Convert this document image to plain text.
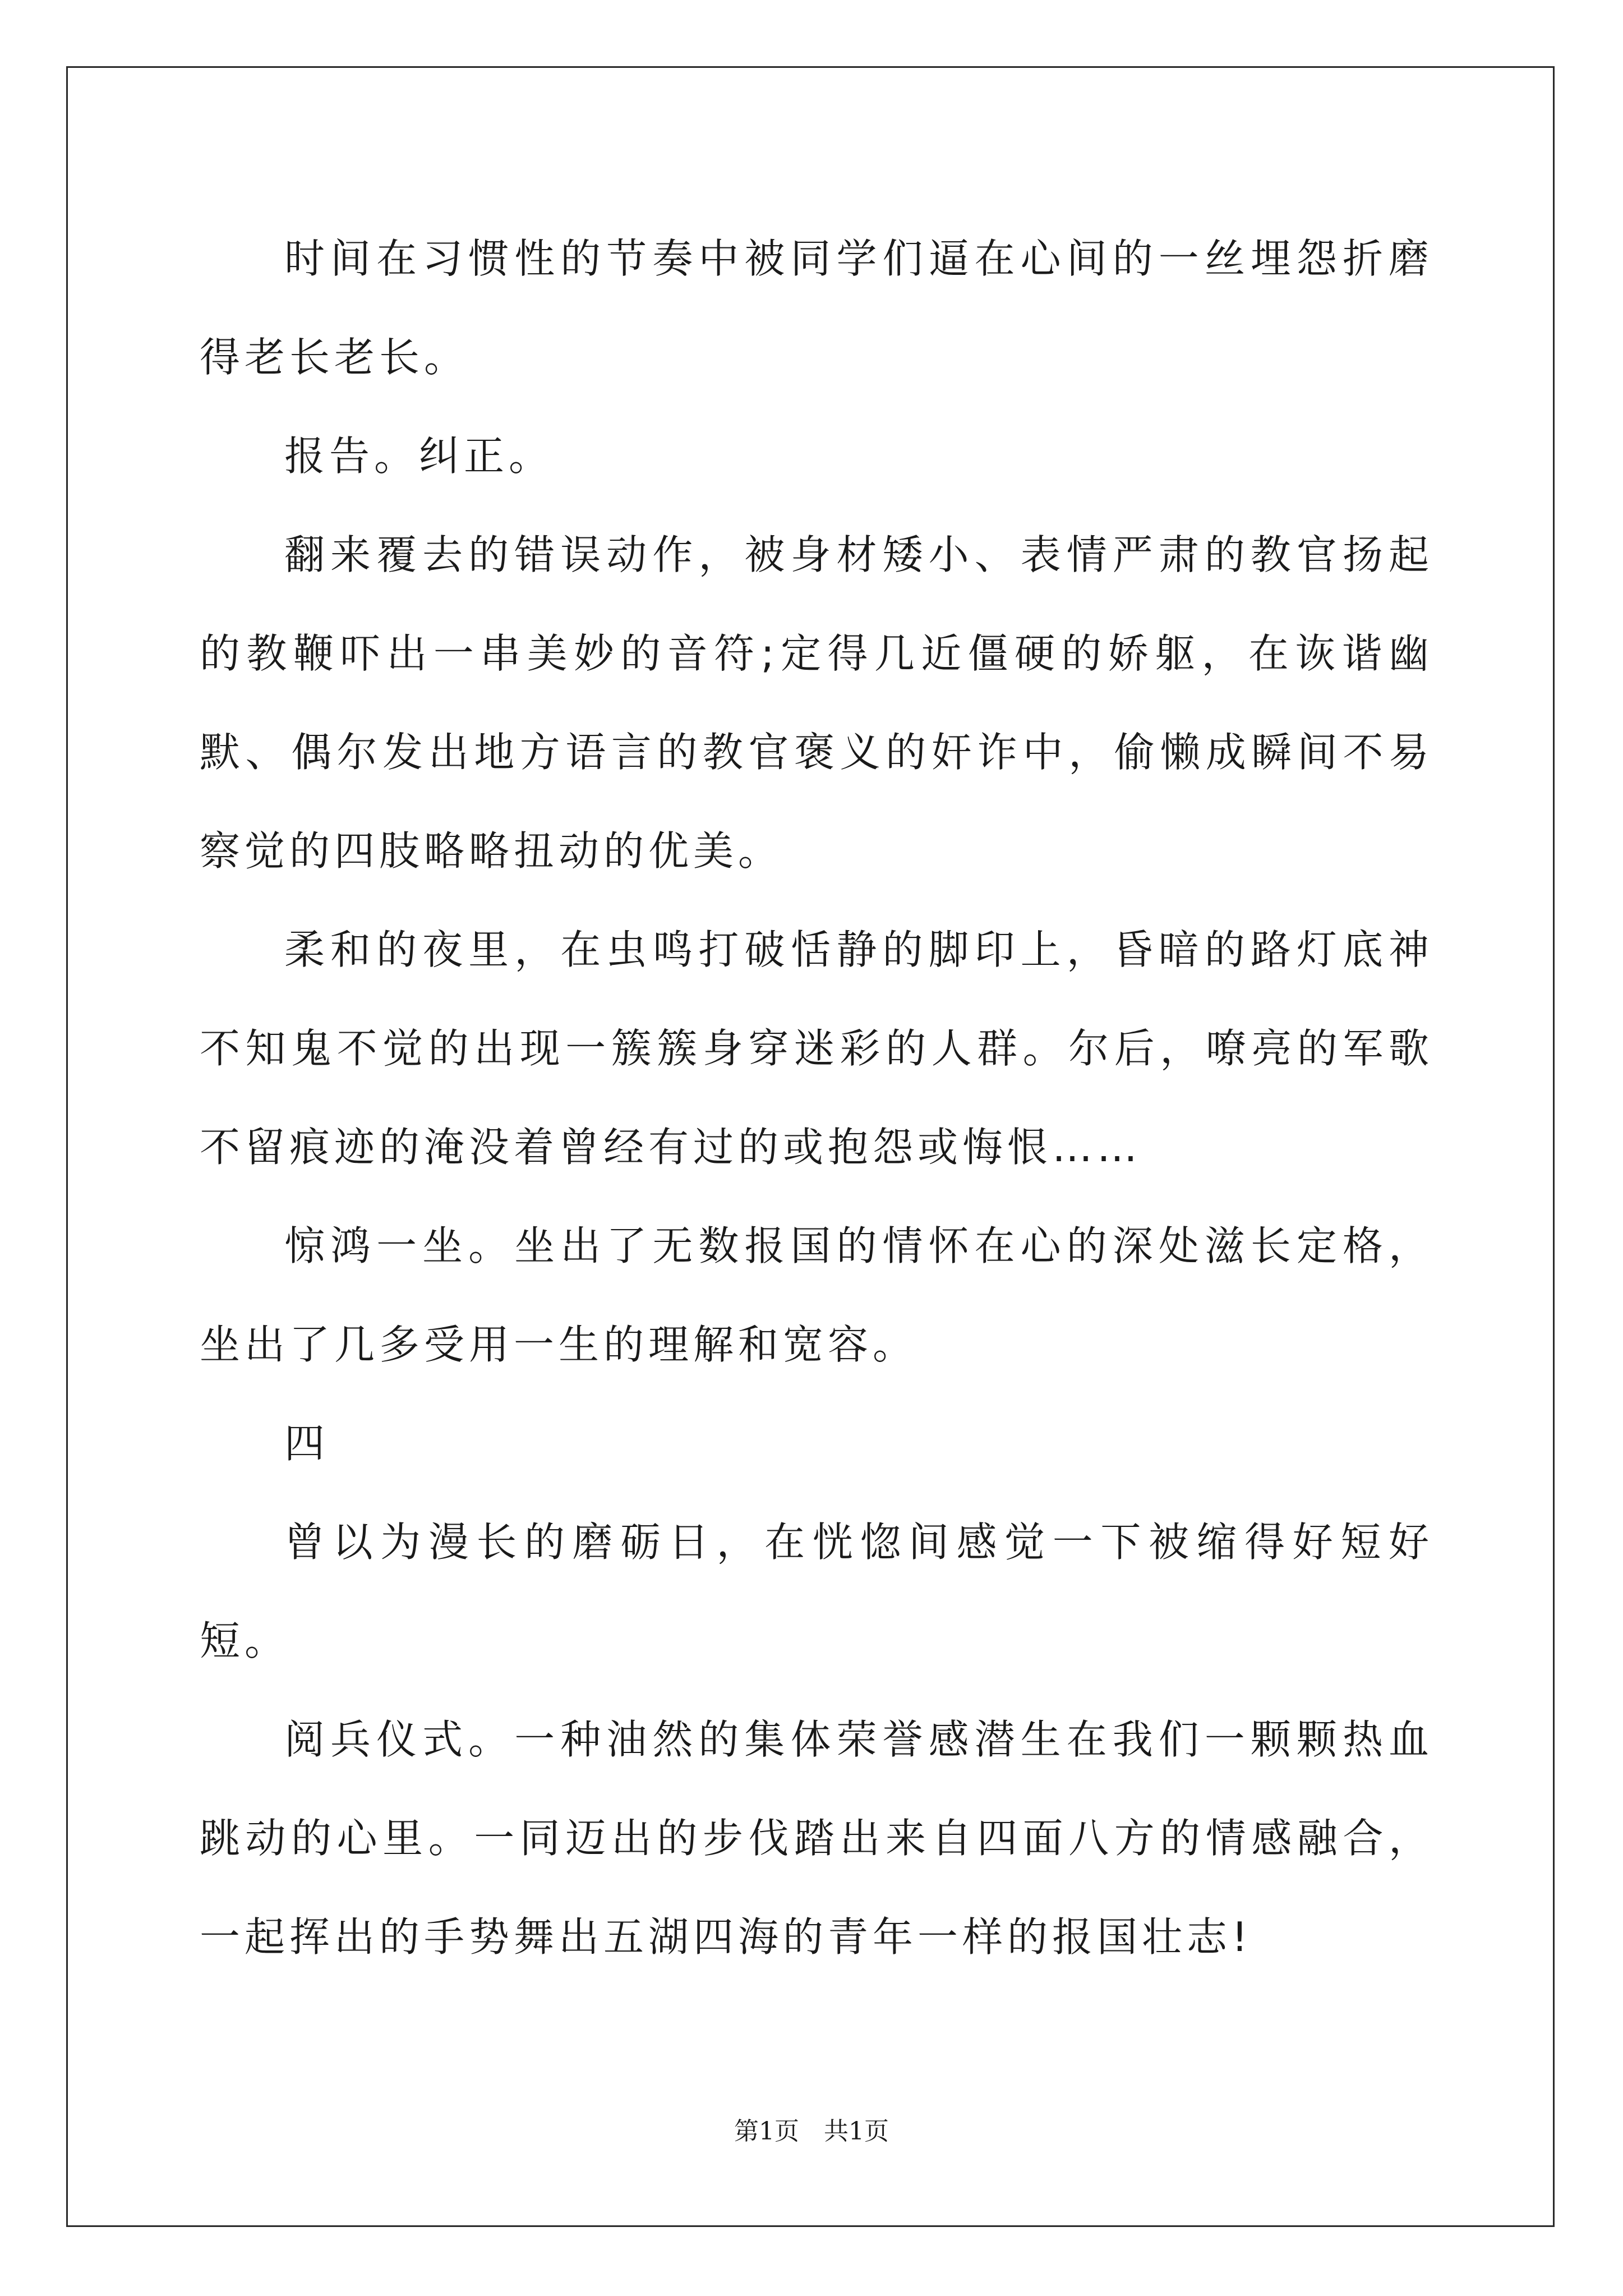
时间在习惯性的节奏中被同学们逼在心间的一丝埋怨折磨得老长老长。

报告。纠正。

翻来覆去的错误动作，被身材矮小、表情严肃的教官扬起的教鞭吓出一串美妙的音符;定得几近僵硬的娇躯，在诙谐幽默、偶尔发出地方语言的教官褒义的奸诈中，偷懒成瞬间不易察觉的四肢略略扭动的优美。

柔和的夜里，在虫鸣打破恬静的脚印上，昏暗的路灯底神不知鬼不觉的出现一簇簇身穿迷彩的人群。尔后，嘹亮的军歌不留痕迹的淹没着曾经有过的或抱怨或悔恨……

惊鸿一坐。坐出了无数报国的情怀在心的深处滋长定格，坐出了几多受用一生的理解和宽容。

四

曾以为漫长的磨砺日，在恍惚间感觉一下被缩得好短好短。

阅兵仪式。一种油然的集体荣誉感潜生在我们一颗颗热血跳动的心里。一同迈出的步伐踏出来自四面八方的情感融合，一起挥出的手势舞出五湖四海的青年一样的报国壮志!

第1页　共1页
